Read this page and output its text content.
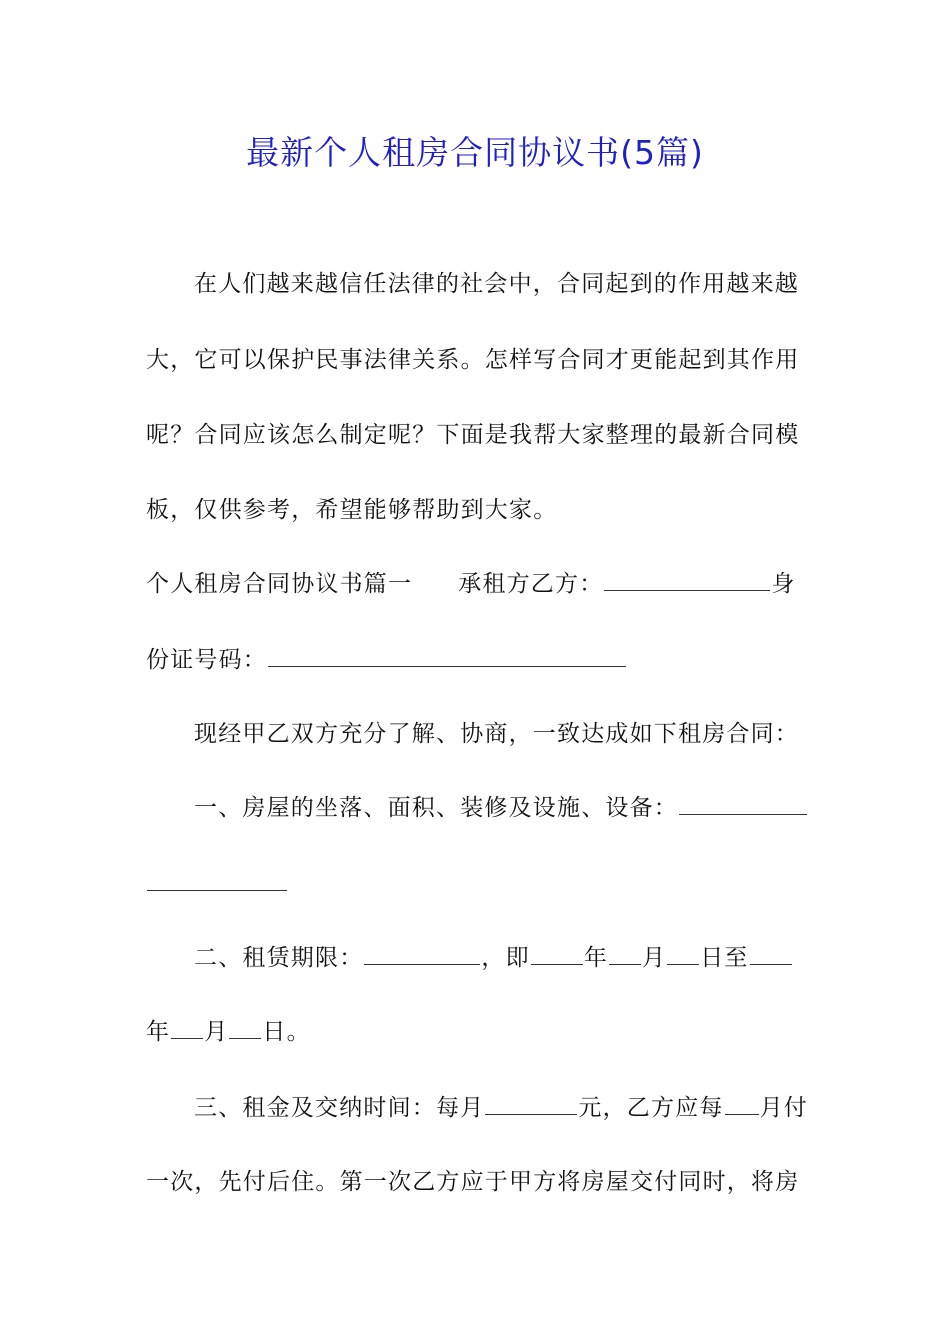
最新个人租房合同协议书(5篇)
在人们越来越信任法律的社会中，合同起到的作用越来越
大，它可以保护民事法律关系。怎样写合同才更能起到其作用
呢？合同应该怎么制定呢？下面是我帮大家整理的最新合同模
板，仅供参考，希望能够帮助到大家。
个人租房合同协议书篇一 承租方乙方：	身
份证号码：
现经甲乙双方充分了解、协商，一致达成如下租房合同：
一、房屋的坐落、面积、装修及设施、设备：
二、租赁期限：	，即 年 月 日至
年 月 日。
三、租金及交纳时间：每月	元，乙方应每 月付
一次，先付后住。第一次乙方应于甲方将房屋交付同时，将房
